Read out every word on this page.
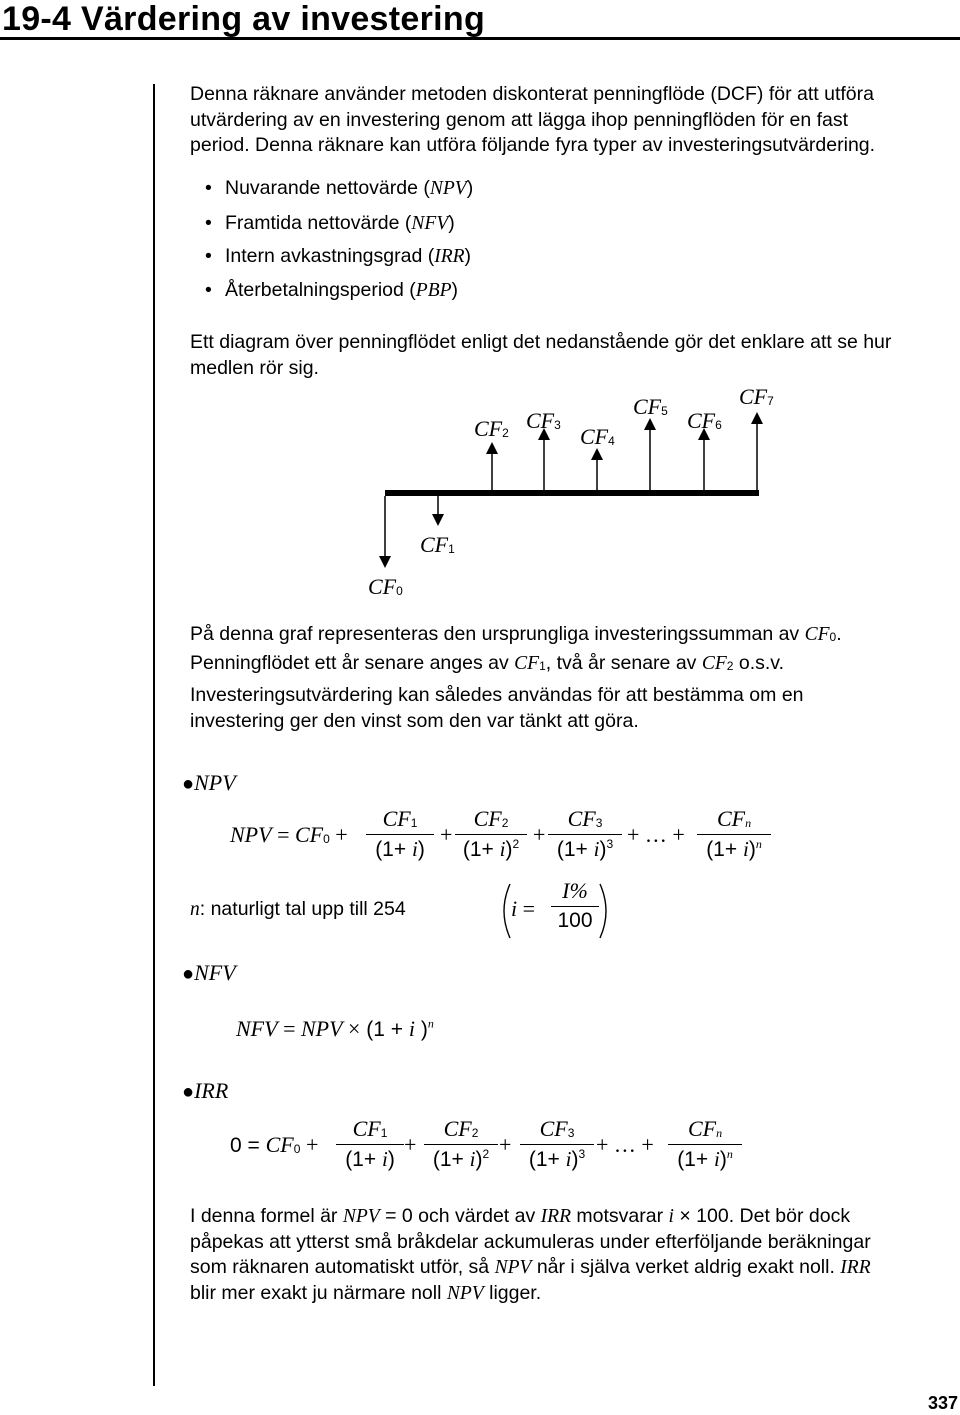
19-4 Värdering av investering
Denna räknare använder metoden diskonterat penningflöde (DCF) för att utföra
utvärdering av en investering genom att lägga ihop penningflöden för en fast
period. Denna räknare kan utföra följande fyra typer av investeringsutvärdering.
• Nuvarande nettovärde (NPV)
• Framtida nettovärde (NFV)
• Intern avkastningsgrad (IRR)
• Återbetalningsperiod (PBP)
Ett diagram över penningflödet enligt det nedanstående gör det enklare att se hur
medlen rör sig.
$CF_2$ $CF_3$ $CF_4$
$CF_5$ $CF_6$
$CF_7$
$CF_1$
$CF_0$
På denna graf representeras den ursprungliga investeringssumman av $CF_0$.
Penningflödet ett år senare anges av $CF_1$, två år senare av $CF_2$ o.s.v.
Investeringsutvärdering kan således användas för att bestämma om en
investering ger den vinst som den var tänkt att göra.
●NPV
NPV = $CF_0$ +
$CF_1$
(1+ i)
+
$CF_2$
$(1+ i)^2$ +
$CF_3$
$(1+ i)^3$ + … +
$CF_n$
$(1+ i)^n$
n: naturligt tal upp till 254	i =
I%
100
●NFV
NFV = NPV × (1 + i )$^n$
●IRR
$0 = CF_0$ +
$CF_1$
(1+ i)
+
$CF_2$
$(1+ i)^2$ +
$CF_3$
$(1+ i)^3$ + … +
$CF_n$
$(1+ i)^n$
I denna formel är NPV = 0 och värdet av IRR motsvarar i × 100. Det bör dock
påpekas att ytterst små bråkdelar ackumuleras under efterföljande beräkningar
som räknaren automatiskt utför, så NPV når i själva verket aldrig exakt noll. IRR
blir mer exakt ju närmare noll NPV ligger.
337
